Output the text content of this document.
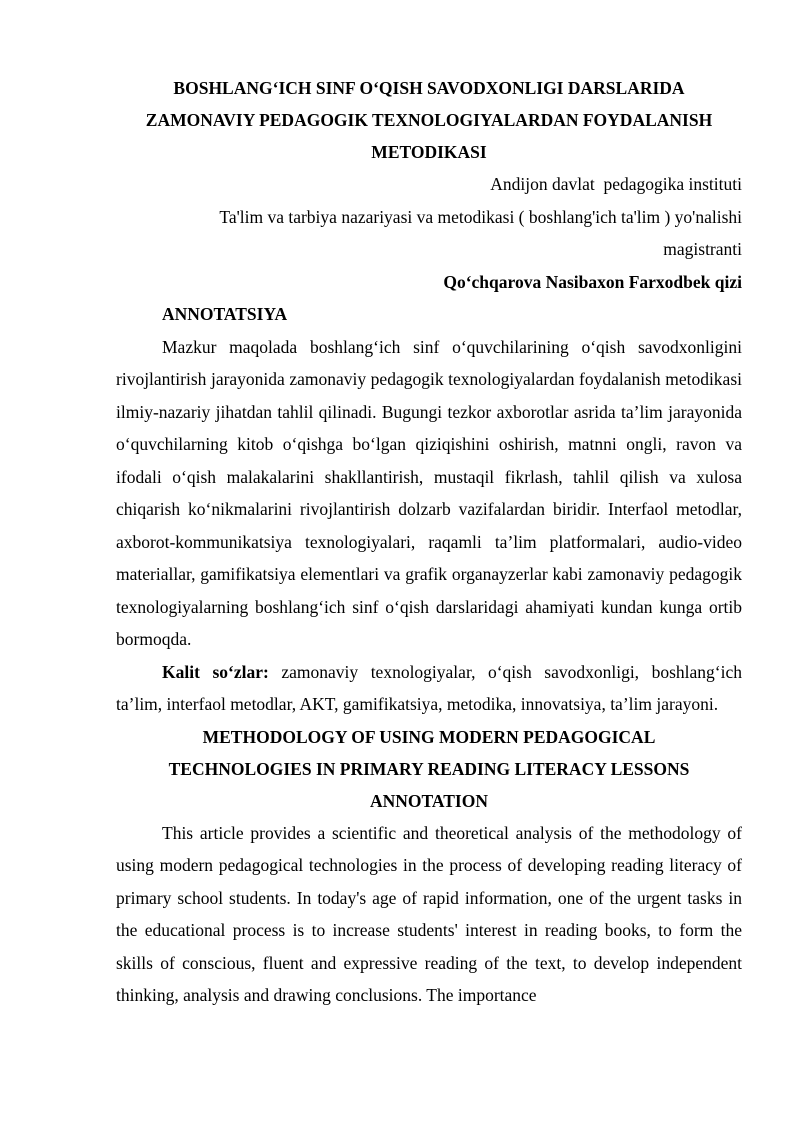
BOSHLANG‘ICH SINF O‘QISH SAVODXONLIGI DARSLARIDA

ZAMONAVIY PEDAGOGIK TEXNOLOGIYALARDAN FOYDALANISH

METODIKASI

Andijon davlat  pedagogika instituti

Ta'lim va tarbiya nazariyasi va metodikasi ( boshlang'ich ta'lim ) yo'nalishi

magistranti

Qo‘chqarova Nasibaxon Farxodbek qizi

ANNOTATSIYA

Mazkur maqolada boshlang‘ich sinf o‘quvchilarining o‘qish savodxonligini rivojlantirish jarayonida zamonaviy pedagogik texnologiyalardan foydalanish metodikasi ilmiy-nazariy jihatdan tahlil qilinadi. Bugungi tezkor axborotlar asrida ta’lim jarayonida o‘quvchilarning kitob o‘qishga bo‘lgan qiziqishini oshirish, matnni ongli, ravon va ifodali o‘qish malakalarini shakllantirish, mustaqil fikrlash, tahlil qilish va xulosa chiqarish ko‘nikmalarini rivojlantirish dolzarb vazifalardan biridir. Interfaol metodlar, axborot-kommunikatsiya texnologiyalari, raqamli ta’lim platformalari, audio-video materiallar, gamifikatsiya elementlari va grafik organayzerlar kabi zamonaviy pedagogik texnologiyalarning boshlang‘ich sinf o‘qish darslaridagi ahamiyati kundan kunga ortib bormoqda.

Kalit so‘zlar: zamonaviy texnologiyalar, o‘qish savodxonligi, boshlang‘ich ta’lim, interfaol metodlar, AKT, gamifikatsiya, metodika, innovatsiya, ta’lim jarayoni.

METHODOLOGY OF USING MODERN PEDAGOGICAL

TECHNOLOGIES IN PRIMARY READING LITERACY LESSONS

ANNOTATION

This article provides a scientific and theoretical analysis of the methodology of using modern pedagogical technologies in the process of developing reading literacy of primary school students. In today's age of rapid information, one of the urgent tasks in the educational process is to increase students' interest in reading books, to form the skills of conscious, fluent and expressive reading of the text, to develop independent thinking, analysis and drawing conclusions. The importance
